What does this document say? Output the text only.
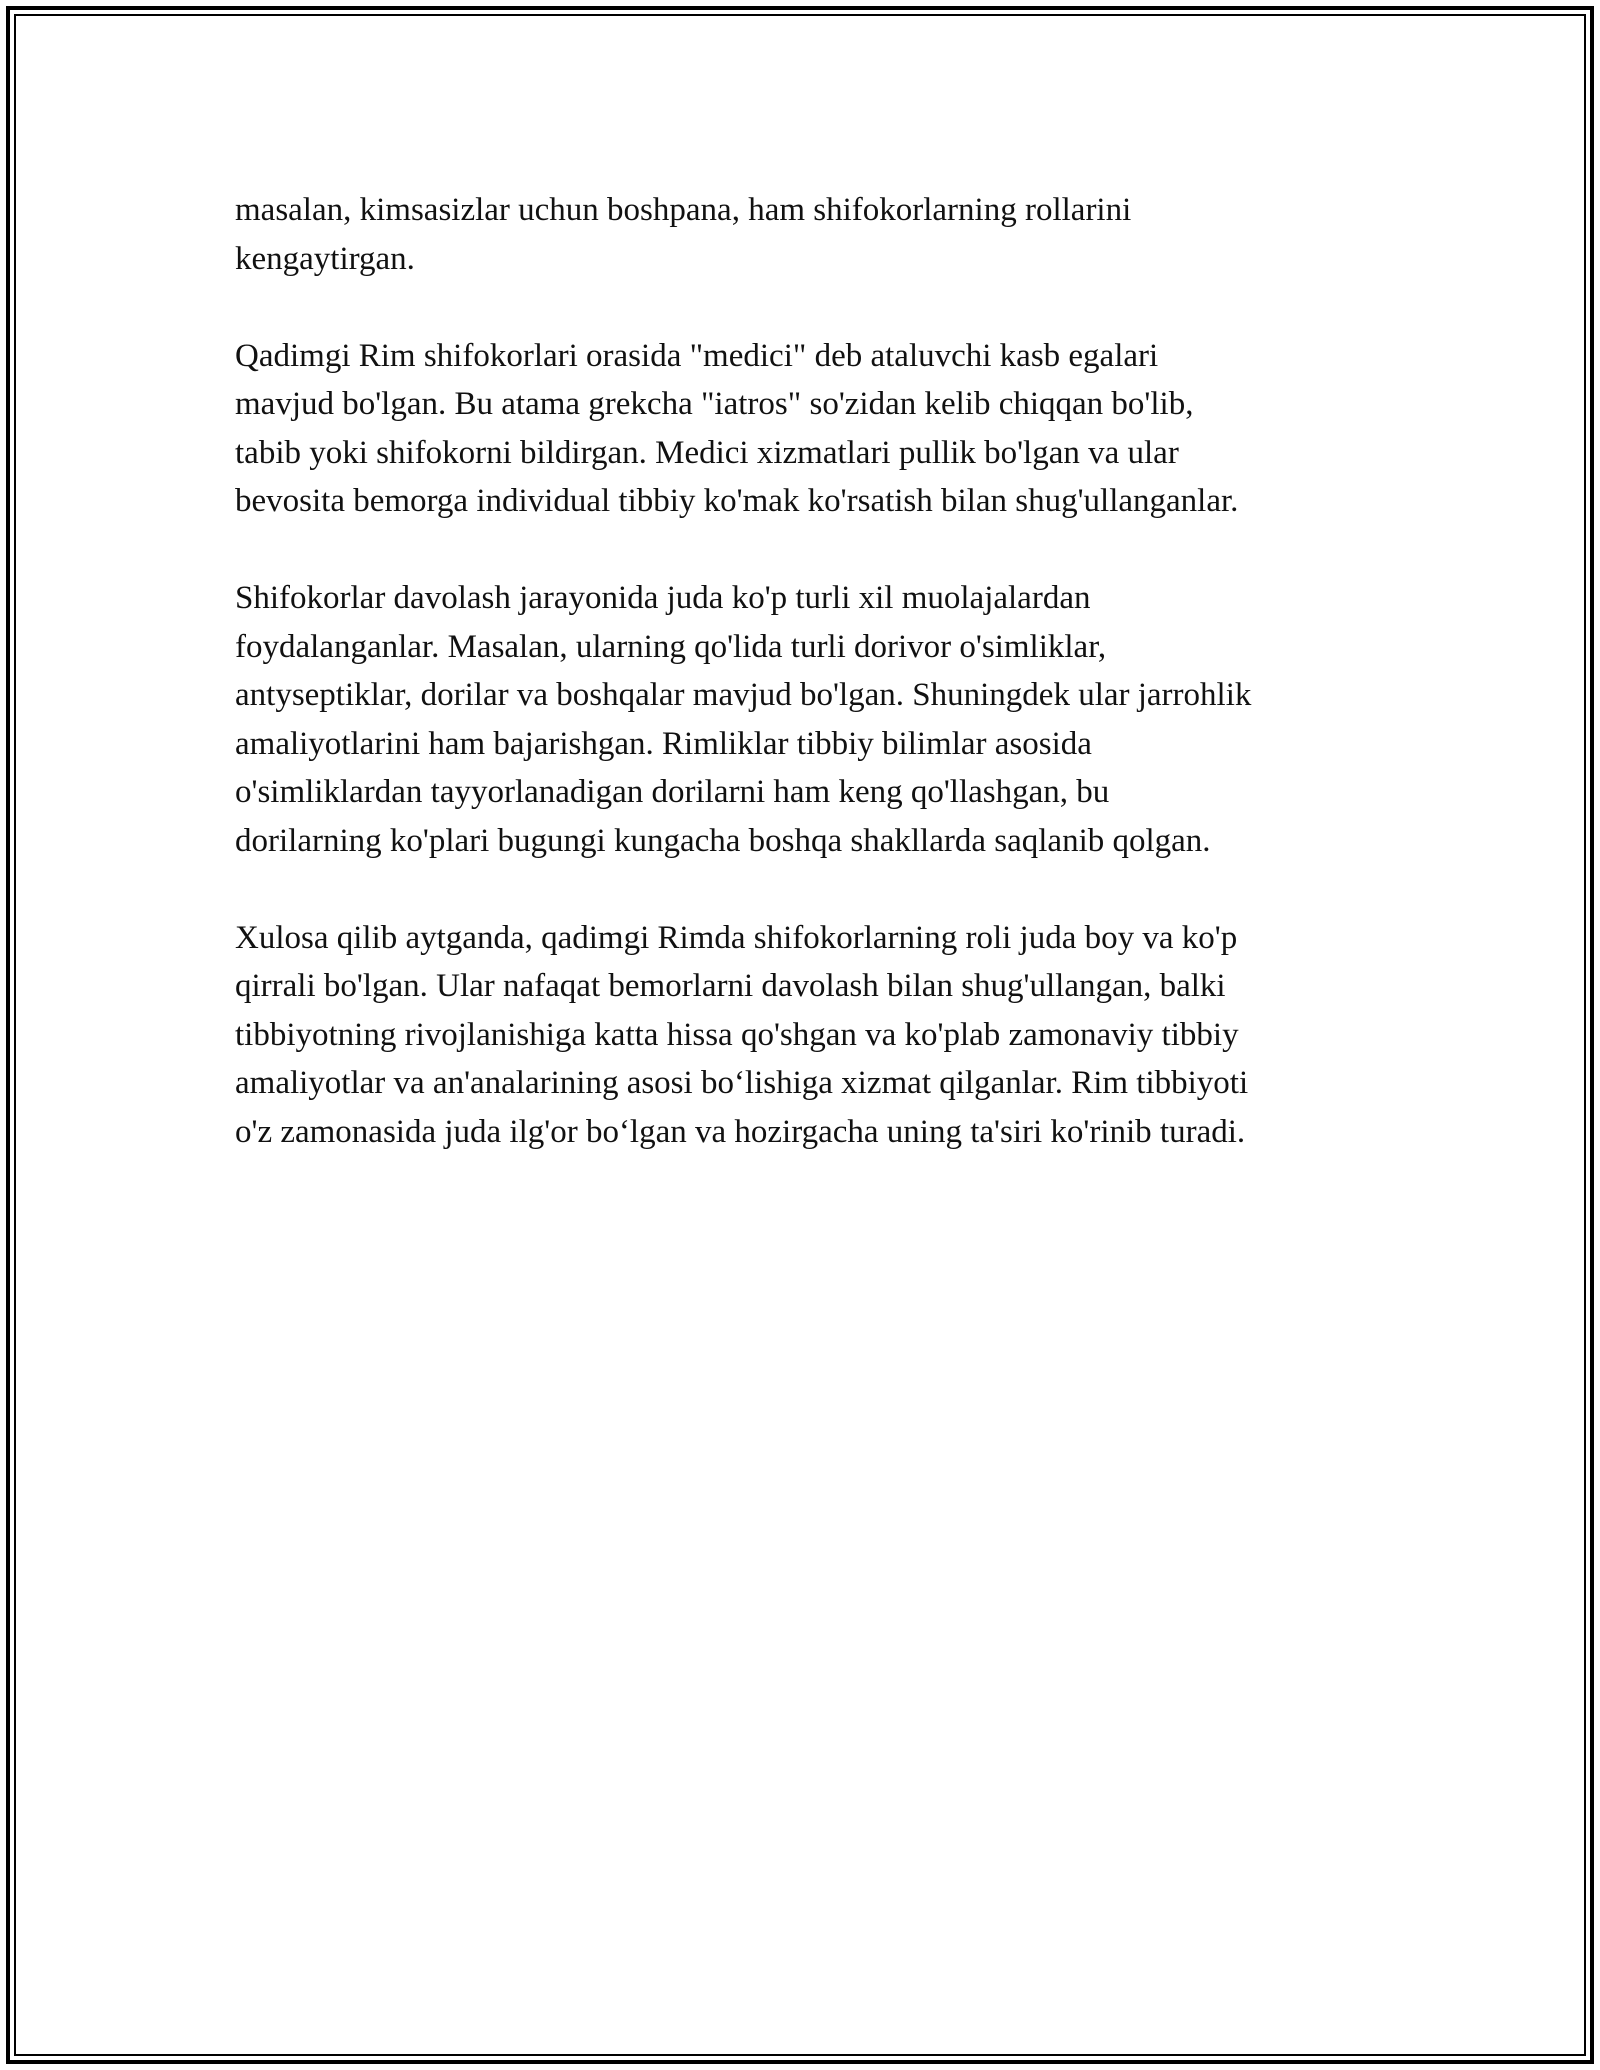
masalan, kimsasizlar uchun boshpana, ham shifokorlarning rollarini
kengaytirgan.

Qadimgi Rim shifokorlari orasida "medici" deb ataluvchi kasb egalari
mavjud bo'lgan. Bu atama grekcha "iatros" so'zidan kelib chiqqan bo'lib,
tabib yoki shifokorni bildirgan. Medici xizmatlari pullik bo'lgan va ular
bevosita bemorga individual tibbiy ko'mak ko'rsatish bilan shug'ullanganlar.

Shifokorlar davolash jarayonida juda ko'p turli xil muolajalardan
foydalanganlar. Masalan, ularning qo'lida turli dorivor o'simliklar,
antyseptiklar, dorilar va boshqalar mavjud bo'lgan. Shuningdek ular jarrohlik
amaliyotlarini ham bajarishgan. Rimliklar tibbiy bilimlar asosida
o'simliklardan tayyorlanadigan dorilarni ham keng qo'llashgan, bu
dorilarning ko'plari bugungi kungacha boshqa shakllarda saqlanib qolgan.

Xulosa qilib aytganda, qadimgi Rimda shifokorlarning roli juda boy va ko'p
qirrali bo'lgan. Ular nafaqat bemorlarni davolash bilan shug'ullangan, balki
tibbiyotning rivojlanishiga katta hissa qo'shgan va ko'plab zamonaviy tibbiy
amaliyotlar va an'analarining asosi bo‘lishiga xizmat qilganlar. Rim tibbiyoti
o'z zamonasida juda ilg'or bo‘lgan va hozirgacha uning ta'siri ko'rinib turadi.
